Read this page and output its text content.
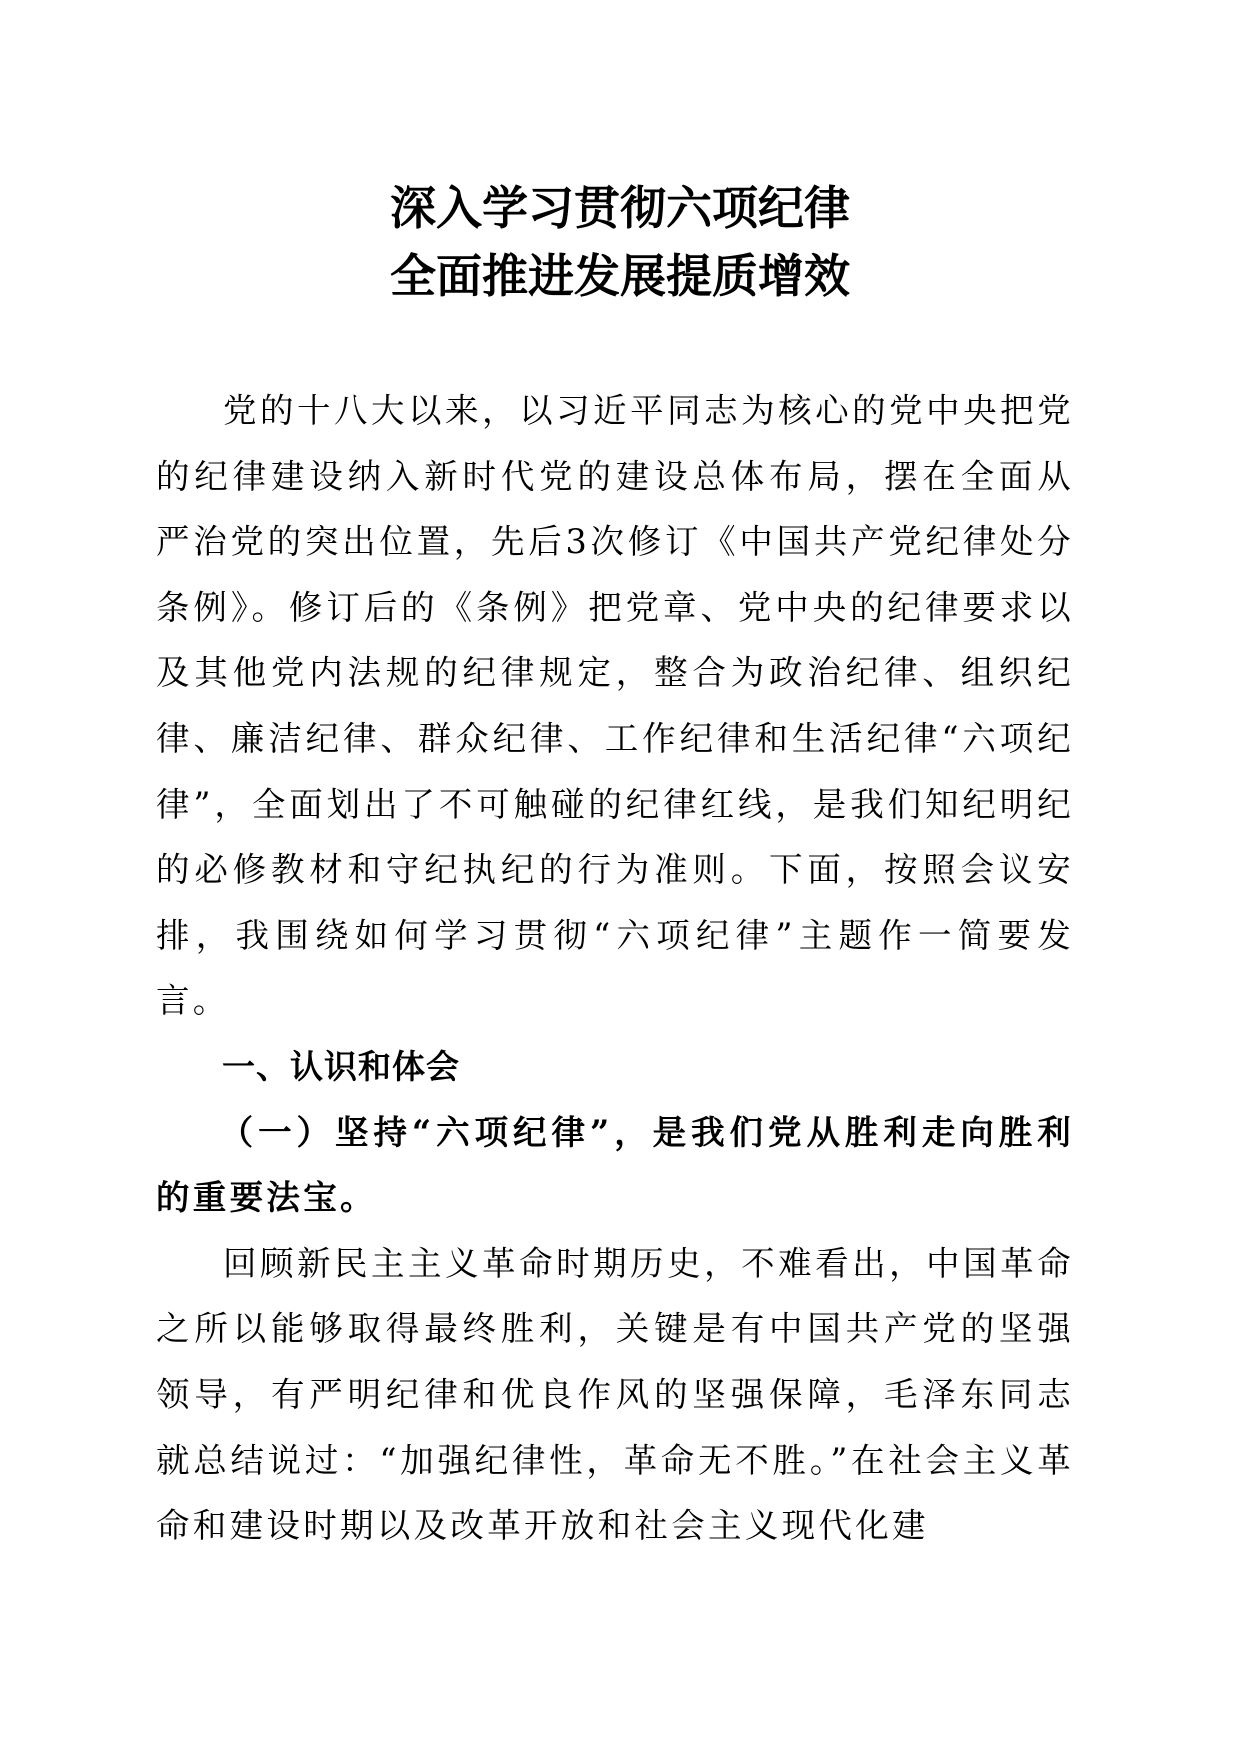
深入学习贯彻六项纪律
全面推进发展提质增效

党的十八大以来，以习近平同志为核心的党中央把党的纪律建设纳入新时代党的建设总体布局，摆在全面从严治党的突出位置，先后3次修订《中国共产党纪律处分条例》。修订后的《条例》把党章、党中央的纪律要求以及其他党内法规的纪律规定，整合为政治纪律、组织纪律、廉洁纪律、群众纪律、工作纪律和生活纪律“六项纪律”，全面划出了不可触碰的纪律红线，是我们知纪明纪的必修教材和守纪执纪的行为准则。下面，按照会议安排，我围绕如何学习贯彻“六项纪律”主题作一简要发言。

一、认识和体会

（一）坚持“六项纪律”，是我们党从胜利走向胜利的重要法宝。

回顾新民主主义革命时期历史，不难看出，中国革命之所以能够取得最终胜利，关键是有中国共产党的坚强领导，有严明纪律和优良作风的坚强保障，毛泽东同志就总结说过：“加强纪律性，革命无不胜。”在社会主义革命和建设时期以及改革开放和社会主义现代化建
